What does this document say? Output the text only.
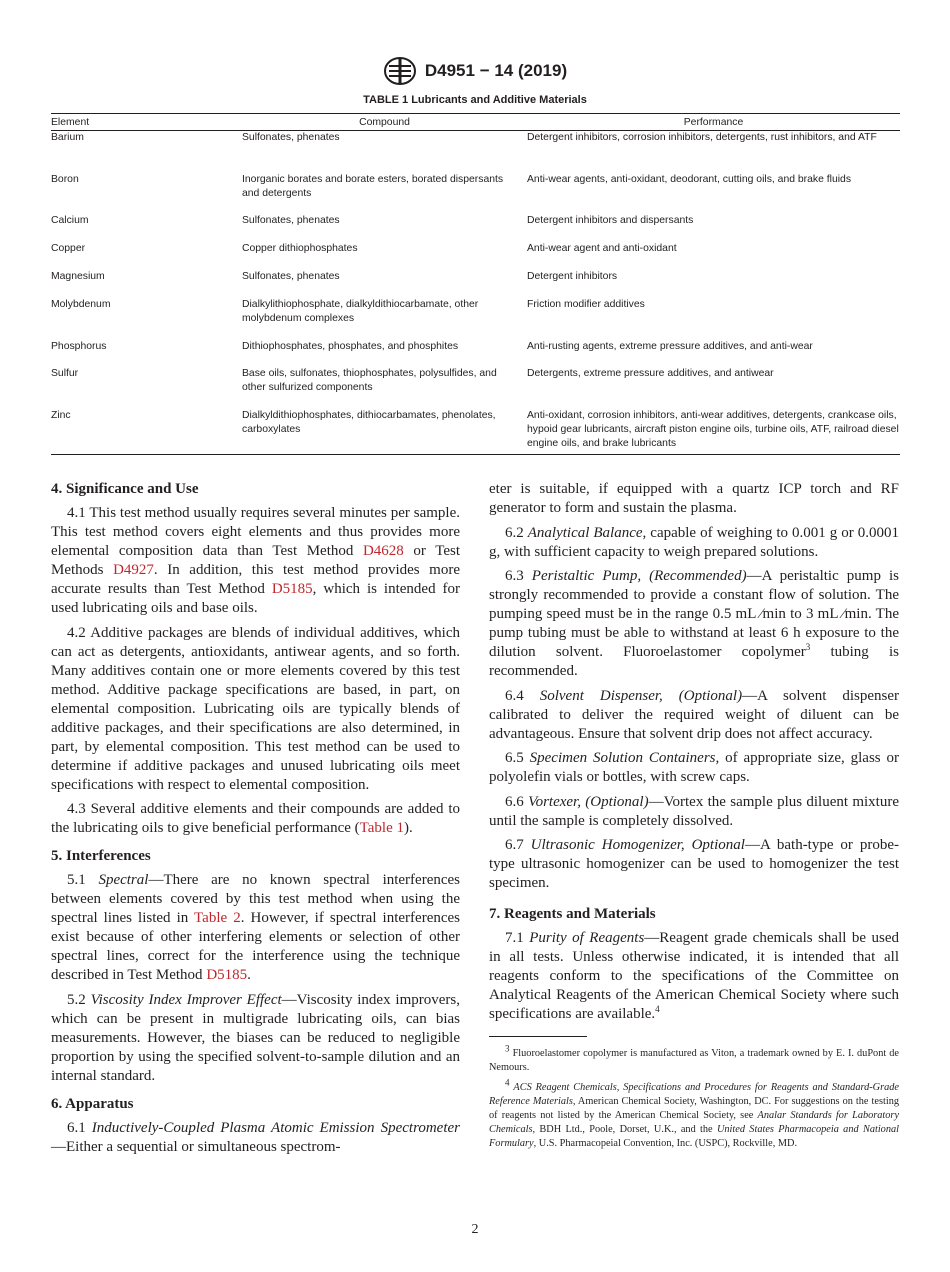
D4951 − 14 (2019)
TABLE 1 Lubricants and Additive Materials
Element	Compound	Performance
Barium	Sulfonates, phenates	Detergent inhibitors, corrosion inhibitors, detergents, rust inhibitors, and ATF
Boron	Inorganic borates and borate esters, borated dispersants and detergents	Anti-wear agents, anti-oxidant, deodorant, cutting oils, and brake fluids
Calcium	Sulfonates, phenates	Detergent inhibitors and dispersants
Copper	Copper dithiophosphates	Anti-wear agent and anti-oxidant
Magnesium	Sulfonates, phenates	Detergent inhibitors
Molybdenum	Dialkylithiophosphate, dialkyldithiocarbamate, other molybdenum complexes	Friction modifier additives
Phosphorus	Dithiophosphates, phosphates, and phosphites	Anti-rusting agents, extreme pressure additives, and anti-wear
Sulfur	Base oils, sulfonates, thiophosphates, polysulfides, and other sulfurized components	Detergents, extreme pressure additives, and antiwear
Zinc	Dialkyldithiophosphates, dithiocarbamates, phenolates, carboxylates	Anti-oxidant, corrosion inhibitors, anti-wear additives, detergents, crankcase oils, hypoid gear lubricants, aircraft piston engine oils, turbine oils, ATF, railroad diesel engine oils, and brake lubricants
4. Significance and Use

4.1 This test method usually requires several minutes per sample. This test method covers eight elements and thus provides more elemental composition data than Test Method D4628 or Test Methods D4927. In addition, this test method provides more accurate results than Test Method D5185, which is intended for used lubricating oils and base oils.

4.2 Additive packages are blends of individual additives, which can act as detergents, antioxidants, antiwear agents, and so forth. Many additives contain one or more elements covered by this test method. Additive package specifications are based, in part, on elemental composition. Lubricating oils are typically blends of additive packages, and their specifications are also determined, in part, by elemental composition. This test method can be used to determine if additive packages and unused lubricating oils meet specifications with respect to elemental composition.

4.3 Several additive elements and their compounds are added to the lubricating oils to give beneficial performance (Table 1).

5. Interferences

5.1 Spectral—There are no known spectral interferences between elements covered by this test method when using the spectral lines listed in Table 2. However, if spectral interferences exist because of other interfering elements or selection of other spectral lines, correct for the interference using the technique described in Test Method D5185.

5.2 Viscosity Index Improver Effect—Viscosity index improvers, which can be present in multigrade lubricating oils, can bias measurements. However, the biases can be reduced to negligible proportion by using the specified solvent-to-sample dilution and an internal standard.

6. Apparatus

6.1 Inductively-Coupled Plasma Atomic Emission Spectrometer—Either a sequential or simultaneous spectrom-

eter is suitable, if equipped with a quartz ICP torch and RF generator to form and sustain the plasma.

6.2 Analytical Balance, capable of weighing to 0.001 g or 0.0001 g, with sufficient capacity to weigh prepared solutions.

6.3 Peristaltic Pump, (Recommended)—A peristaltic pump is strongly recommended to provide a constant flow of solution. The pumping speed must be in the range 0.5 mL ⁄min to 3 mL ⁄min. The pump tubing must be able to withstand at least 6 h exposure to the dilution solvent. Fluoroelastomer copolymer$^3$ tubing is recommended.

6.4 Solvent Dispenser, (Optional)—A solvent dispenser calibrated to deliver the required weight of diluent can be advantageous. Ensure that solvent drip does not affect accuracy.

6.5 Specimen Solution Containers, of appropriate size, glass or polyolefin vials or bottles, with screw caps.

6.6 Vortexer, (Optional)—Vortex the sample plus diluent mixture until the sample is completely dissolved.

6.7 Ultrasonic Homogenizer, Optional—A bath-type or probe-type ultrasonic homogenizer can be used to homogenizer the test specimen.

7. Reagents and Materials

7.1 Purity of Reagents—Reagent grade chemicals shall be used in all tests. Unless otherwise indicated, it is intended that all reagents conform to the specifications of the Committee on Analytical Reagents of the American Chemical Society where such specifications are available.$^4$

$^3$ Fluoroelastomer copolymer is manufactured as Viton, a trademark owned by E. I. duPont de Nemours.

$^4$ ACS Reagent Chemicals, Specifications and Procedures for Reagents and Standard-Grade Reference Materials, American Chemical Society, Washington, DC. For suggestions on the testing of reagents not listed by the American Chemical Society, see Analar Standards for Laboratory Chemicals, BDH Ltd., Poole, Dorset, U.K., and the United States Pharmacopeia and National Formulary, U.S. Pharmacopeial Convention, Inc. (USPC), Rockville, MD.

2
